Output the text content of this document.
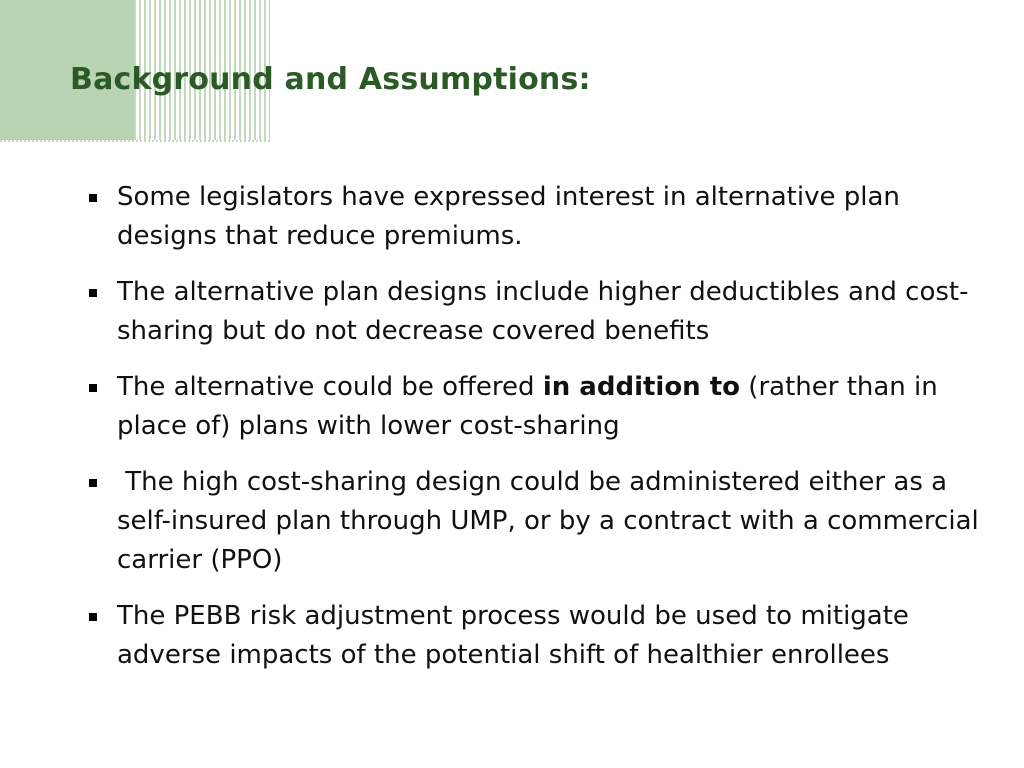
Background and Assumptions:
Some legislators have expressed interest in alternative plan designs that reduce premiums.
The alternative plan designs include higher deductibles and cost-sharing but do not decrease covered benefits
The alternative could be offered in addition to (rather than in place of) plans with lower cost-sharing
The high cost-sharing design could be administered either as a self-insured plan through UMP, or by a contract with a commercial carrier (PPO)
The PEBB risk adjustment process would be used to mitigate adverse impacts of the potential shift of healthier enrollees
